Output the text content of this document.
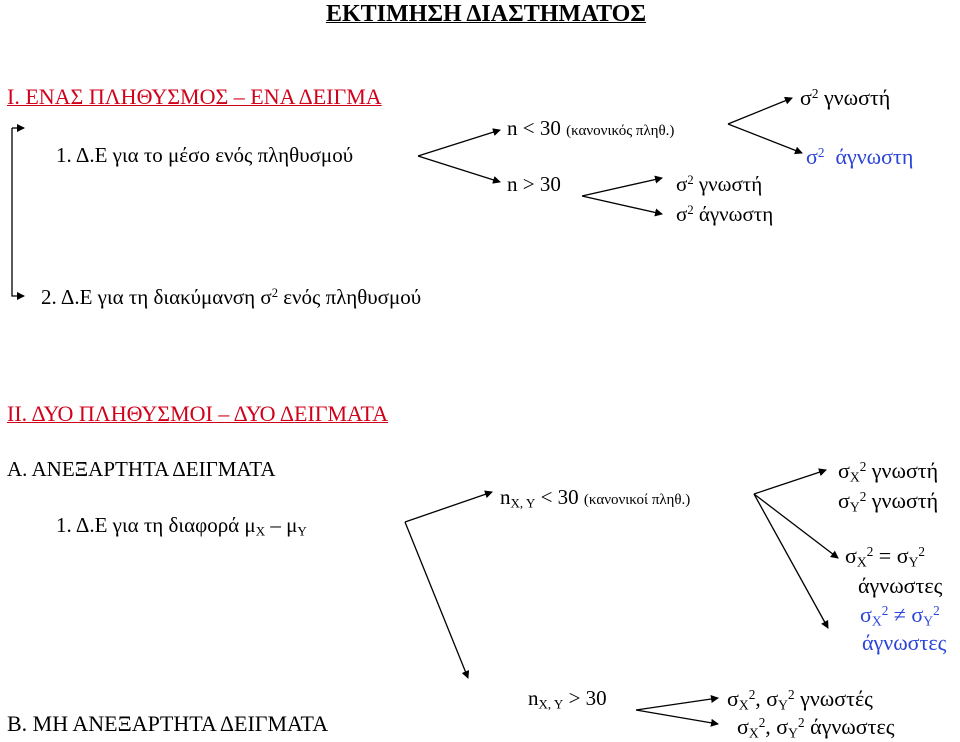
ΕΚΤΙΜΗΣΗ ΔΙΑΣΤΗΜΑΤΟΣ
Ι. ΕΝΑΣ ΠΛΗΘΥΣΜΟΣ – ΕΝΑ ΔΕΙΓΜΑ
1. Δ.Ε για το μέσο ενός πληθυσμού
n < 30 (κανονικός πληθ.)
n > 30
$\sigma^2$ γνωστή
$\sigma^2$ άγνωστη
$\sigma^2$ γνωστή
$\sigma^2$ άγνωστη
2. Δ.Ε για τη διακύμανση $\sigma^2$ ενός πληθυσμού
ΙΙ. ΔΥΟ ΠΛΗΘΥΣΜΟΙ – ΔΥΟ ΔΕΙΓΜΑΤΑ
Α. ΑΝΕΞΑΡΤΗΤΑ ΔΕΙΓΜΑΤΑ
1. Δ.Ε για τη διαφορά $\mu_X - \mu_Y$
$n_{X, Y} < 30$ (κανονικοί πληθ.)
$\sigma_X^2$ γνωστή
$\sigma_Y^2$ γνωστή
$\sigma_X^2 = \sigma_Y^2$
άγνωστες
$\sigma_X^2 \ne \sigma_Y^2$
άγνωστες
$n_{X, Y} > 30$	$\sigma_X^2$, $\sigma_Y^2$ γνωστές
$\sigma_X^2$, $\sigma_Y^2$ άγνωστες
Β. ΜΗ ΑΝΕΞΑΡΤΗΤΑ ΔΕΙΓΜΑΤΑ
